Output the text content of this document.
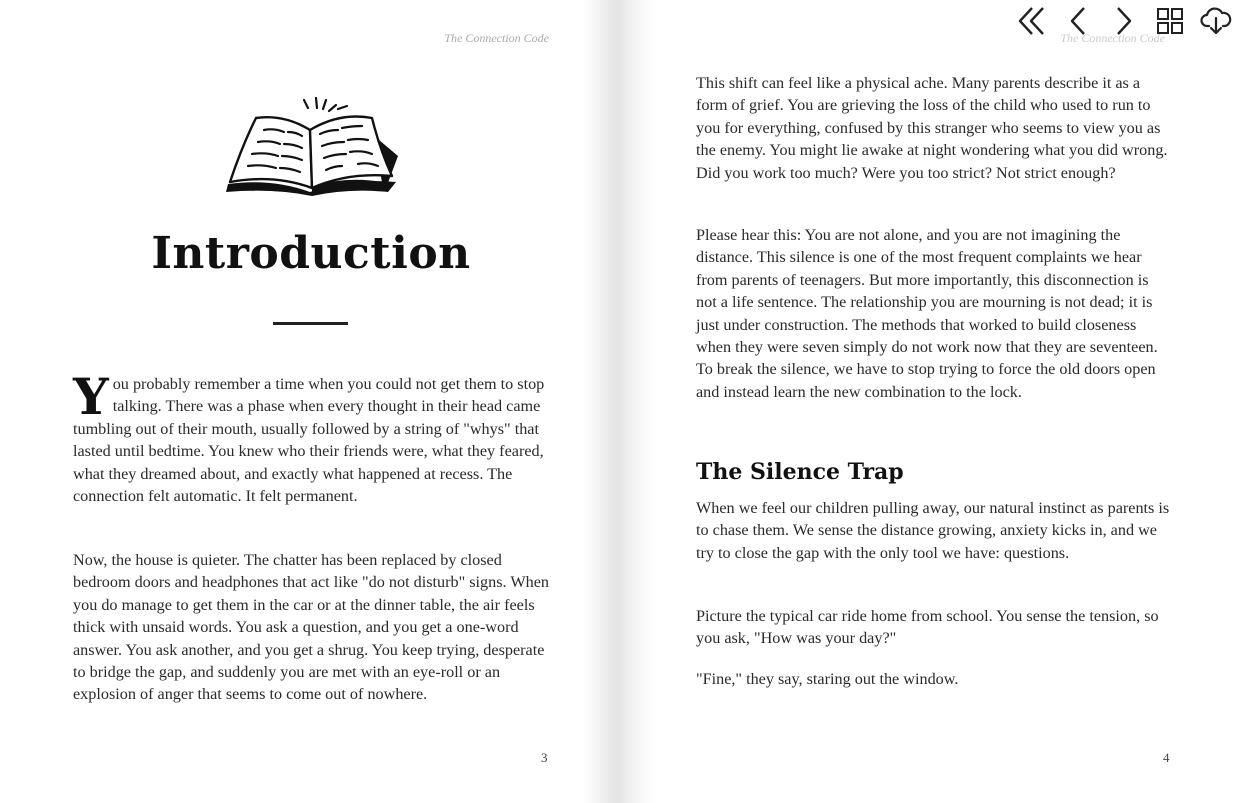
The Connection Code
Introduction

You probably remember a time when you could not get them to stop talking. There was a phase when every thought in their head came tumbling out of their mouth, usually followed by a string of "whys" that lasted until bedtime. You knew who their friends were, what they feared, what they dreamed about, and exactly what happened at recess. The connection felt automatic. It felt permanent.

Now, the house is quieter. The chatter has been replaced by closed bedroom doors and headphones that act like "do not disturb" signs. When you do manage to get them in the car or at the dinner table, the air feels thick with unsaid words. You ask a question, and you get a one-word answer. You ask another, and you get a shrug. You keep trying, desperate to bridge the gap, and suddenly you are met with an eye-roll or an explosion of anger that seems to come out of nowhere.

3
The Connection Code

This shift can feel like a physical ache. Many parents describe it as a form of grief. You are grieving the loss of the child who used to run to you for everything, confused by this stranger who seems to view you as the enemy. You might lie awake at night wondering what you did wrong. Did you work too much? Were you too strict? Not strict enough?

Please hear this: You are not alone, and you are not imagining the distance. This silence is one of the most frequent complaints we hear from parents of teenagers. But more importantly, this disconnection is not a life sentence. The relationship you are mourning is not dead; it is just under construction. The methods that worked to build closeness when they were seven simply do not work now that they are seventeen. To break the silence, we have to stop trying to force the old doors open and instead learn the new combination to the lock.

The Silence Trap

When we feel our children pulling away, our natural instinct as parents is to chase them. We sense the distance growing, anxiety kicks in, and we try to close the gap with the only tool we have: questions.

Picture the typical car ride home from school. You sense the tension, so you ask, "How was your day?"

"Fine," they say, staring out the window.

4
